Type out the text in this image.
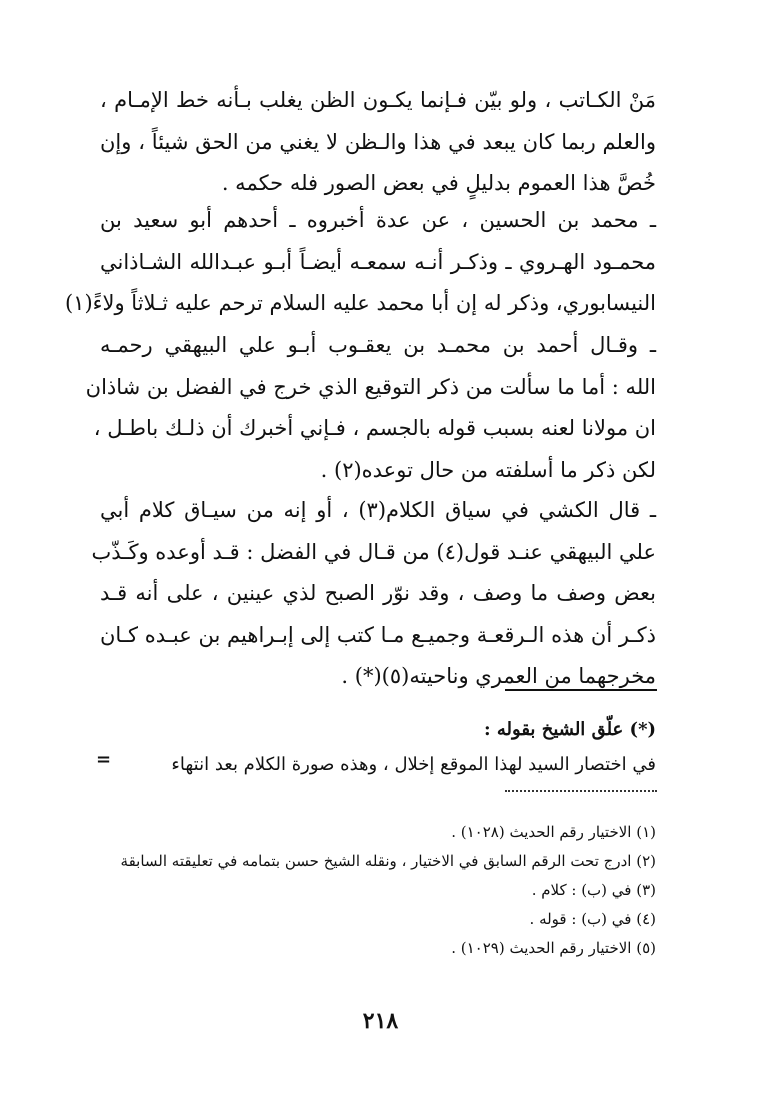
مَنْ الكـاتب ، ولو بيّن فـإنما يكـون الظن يغلب بـأنه خط الإمـام ،
والعلم ربما كان يبعد في هذا والـظن لا يغني من الحق شيئاً ، وإن
خُصَّ هذا العموم بدليلٍ في بعض الصور فله حكمه .
ـ محمد بن الحسين ، عن عدة أخبروه ـ أحدهم أبو سعيد بن
محمـود الهـروي ـ وذكـر أنـه سمعـه أيضـاً أبـو عبـدالله الشـاذاني
النيسابوري، وذكر له إن أبا محمد عليه السلام ترحم عليه ثـلاثاً ولاءً(١)
ـ وقـال أحمد بن محمـد بن يعقـوب أبـو علي البيهقي رحمـه
الله : أما ما سألت من ذكر التوقيع الذي خرج في الفضل بن شاذان
ان مولانا لعنه بسبب قوله بالجسم ، فـإني أخبرك أن ذلـك باطـل ،
لكن ذكر ما أسلفته من حال توعده(٢) .
ـ قال الكشي في سياق الكلام(٣) ، أو إنه من سيـاق كلام أبي
علي البيهقي عنـد قول(٤) من قـال في الفضل : قـد أوعده وكَـذّب
بعض وصف ما وصف ، وقد نوّر الصبح لذي عينين ، على أنه قـد
ذكـر أن هذه الـرقعـة وجميـع مـا كتب إلى إبـراهيم بن عبـده كـان
مخرجهما من العمري وناحيته(٥)(*) .
(*) علّق الشيخ بقوله :
في اختصار السيد لهذا الموقع إخلال ، وهذه صورة الكلام بعد انتهاء
=
(١) الاختيار رقم الحديث (١٠٢٨) .
(٢) ادرج تحت الرقم السابق في الاختيار ، ونقله الشيخ حسن بتمامه في تعليقته السابقة
(٣) في (ب) : كلام .
(٤) في (ب) : قوله .
(٥) الاختيار رقم الحديث (١٠٢٩) .
٢١٨
